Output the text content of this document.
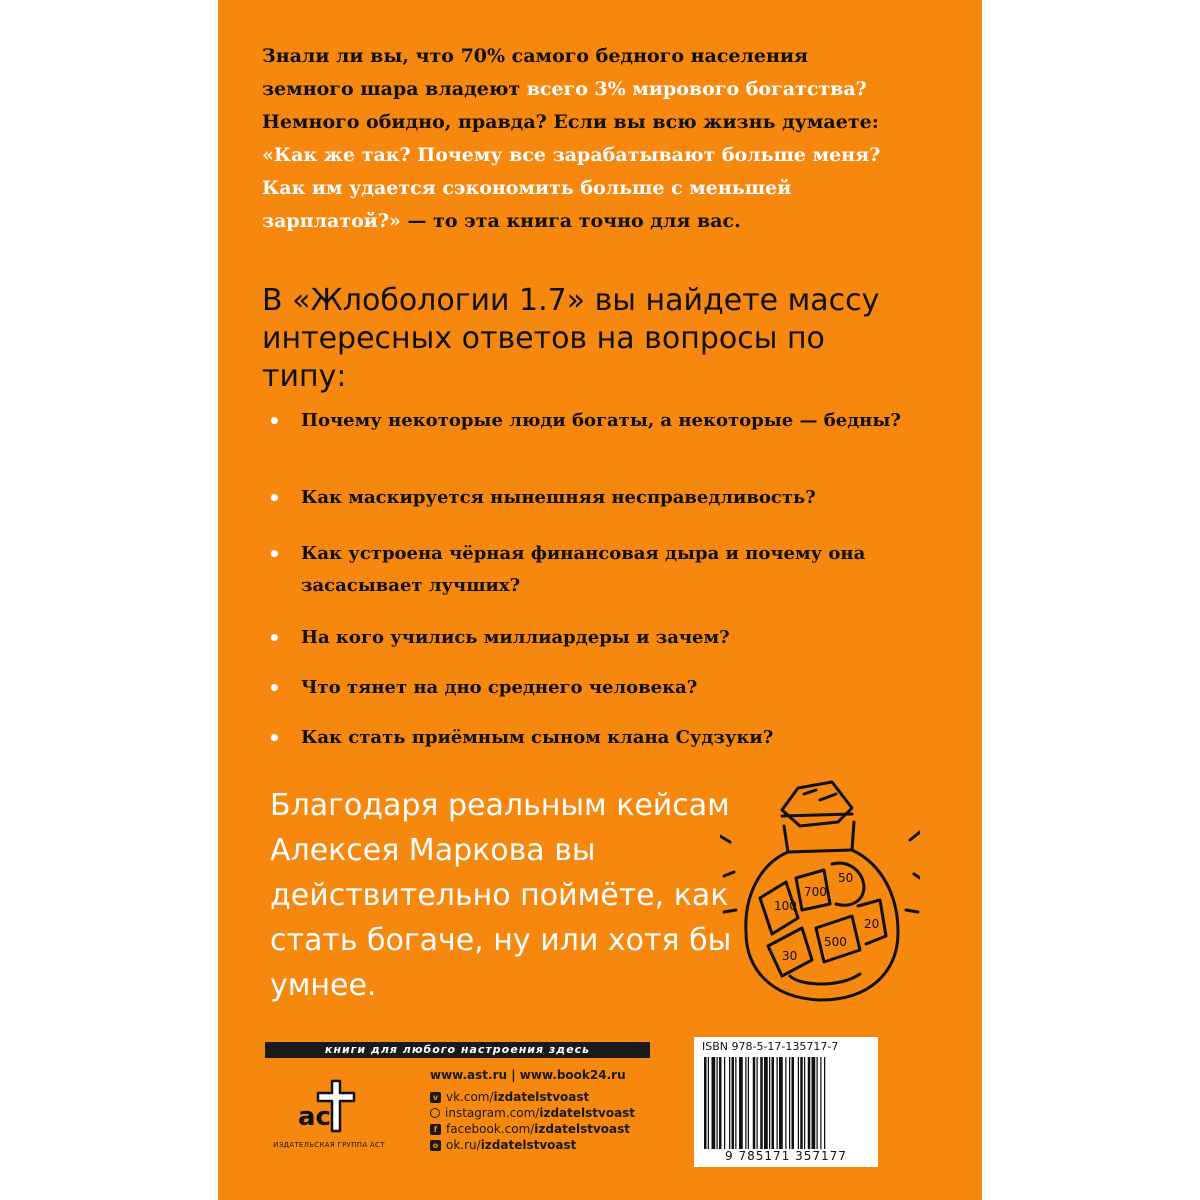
Знали ли вы, что 70% самого бедного населения земного шара владеют всего 3% мирового богатства? Немного обидно, правда? Если вы всю жизнь думаете: «Как же так? Почему все зарабатывают больше меня? Как им удается сэкономить больше с меньшей зарплатой?» — то эта книга точно для вас.

В «Жлобологии 1.7» вы найдете массу интересных ответов на вопросы по типу:
• Почему некоторые люди богаты, а некоторые — бедны?
• Как маскируется нынешняя несправедливость?
• Как устроена чёрная финансовая дыра и почему она засасывает лучших?
• На кого учились миллиардеры и зачем?
• Что тянет на дно среднего человека?
• Как стать приёмным сыном клана Судзуки?

Благодаря реальным кейсам Алексея Маркова вы действительно поймёте, как стать богаче, ну или хотя бы умнее.

100
700
50
500
30
20
книги для любого настроения здесь
ac
ИЗДАТЕЛЬСКАЯ ГРУППА АСТ
www.ast.ru | www.book24.ru
v vk.com/ izdatelstvoast
instagram.com/ izdatelstvoast
f facebook.com/ izdatelstvoast
o ok.ru/ izdatelstvoast
ISBN 978-5-17-135717-7
9 785171 357177
